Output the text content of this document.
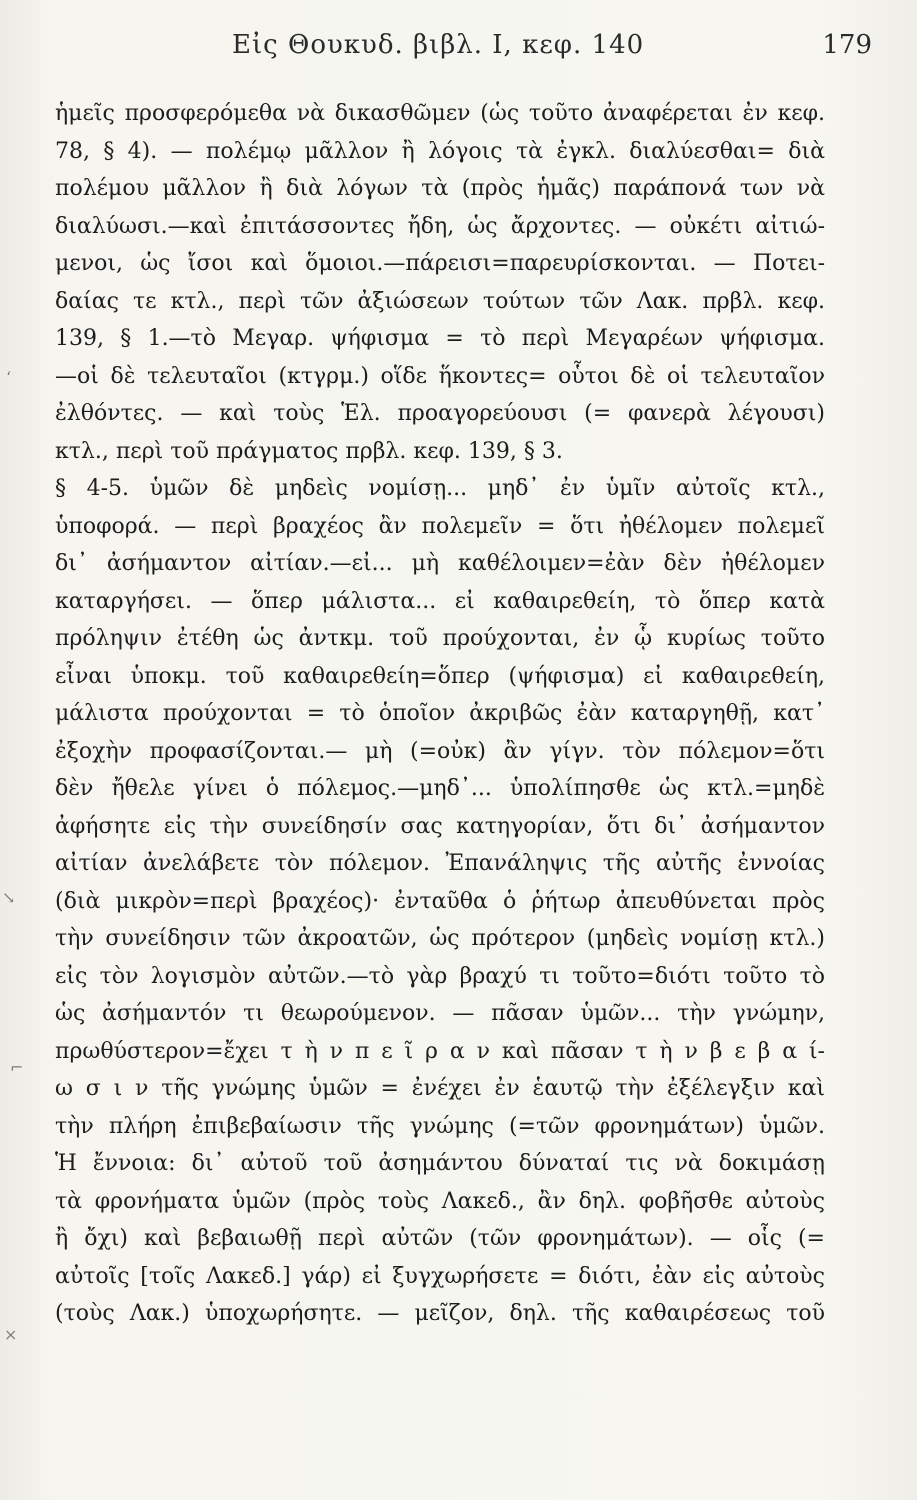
Εἰς Θουκυδ. βιβλ. I, κεφ. 140	179
ἡμεῖς προσφερόμεθα νὰ δικασθῶμεν (ὡς τοῦτο ἀναφέρεται ἐν κεφ.
78, § 4). — πολέμῳ μᾶλλον ἢ λόγοις τὰ ἐγκλ. διαλύεσθαι= διὰ
πολέμου μᾶλλον ἢ διὰ λόγων τὰ (πρὸς ἡμᾶς) παράπονά των νὰ
διαλύωσι.—καὶ ἐπιτάσσοντες ἤδη, ὡς ἄρχοντες. — οὐκέτι αἰτιώ-
μενοι, ὡς ἴσοι καὶ ὅμοιοι.—πάρεισι=παρευρίσκονται. — Ποτει-
δαίας τε κτλ., περὶ τῶν ἀξιώσεων τούτων τῶν Λακ. πρβλ. κεφ.
139, § 1.—τὸ Μεγαρ. ψήφισμα = τὸ περὶ Μεγαρέων ψήφισμα.
—οἱ δὲ τελευταῖοι (κτγρμ.) οἵδε ἥκοντες= οὗτοι δὲ οἱ τελευταῖον
ἐλθόντες. — καὶ τοὺς Ἑλ. προαγορεύουσι (= φανερὰ λέγουσι)
κτλ., περὶ τοῦ πράγματος πρβλ. κεφ. 139, § 3.
§ 4-5. ὑμῶν δὲ μηδεὶς νομίσῃ... μηδ᾽ ἐν ὑμῖν αὐτοῖς κτλ.,
ὑποφορά. — περὶ βραχέος ἂν πολεμεῖν = ὅτι ἠθέλομεν πολεμεῖ
δι᾽ ἀσήμαντον αἰτίαν.—εἰ... μὴ καθέλοιμεν=ἐὰν δὲν ἠθέλομεν
καταργήσει. — ὅπερ μάλιστα... εἰ καθαιρεθείη, τὸ ὅπερ κατὰ
πρόληψιν ἐτέθη ὡς ἀντκμ. τοῦ προύχονται, ἐν ᾧ κυρίως τοῦτο
εἶναι ὑποκμ. τοῦ καθαιρεθείη=ὅπερ (ψήφισμα) εἰ καθαιρεθείη,
μάλιστα προύχονται = τὸ ὁποῖον ἀκριβῶς ἐὰν καταργηθῇ, κατ᾽
ἐξοχὴν προφασίζονται.— μὴ (=οὐκ) ἂν γίγν. τὸν πόλεμον=ὅτι
δὲν ἤθελε γίνει ὁ πόλεμος.—μηδ᾽... ὑπολίπησθε ὡς κτλ.=μηδὲ
ἀφήσητε εἰς τὴν συνείδησίν σας κατηγορίαν, ὅτι δι᾽ ἀσήμαντον
αἰτίαν ἀνελάβετε τὸν πόλεμον. Ἐπανάληψις τῆς αὐτῆς ἐννοίας
(διὰ μικρὸν=περὶ βραχέος)· ἐνταῦθα ὁ ῥήτωρ ἀπευθύνεται πρὸς
τὴν συνείδησιν τῶν ἀκροατῶν, ὡς πρότερον (μηδεὶς νομίσῃ κτλ.)
εἰς τὸν λογισμὸν αὐτῶν.—τὸ γὰρ βραχύ τι τοῦτο=διότι τοῦτο τὸ
ὡς ἀσήμαντόν τι θεωρούμενον. — πᾶσαν ὑμῶν... τὴν γνώμην,
πρωθύστερον=ἔχει τ ὴ ν π ε ῖ ρ α ν καὶ πᾶσαν τ ὴ ν β ε β α ί-
ω σ ι ν τῆς γνώμης ὑμῶν = ἐνέχει ἐν ἑαυτῷ τὴν ἐξέλεγξιν καὶ
τὴν πλήρη ἐπιβεβαίωσιν τῆς γνώμης (=τῶν φρονημάτων) ὑμῶν.
Ἡ ἔννοια: δι᾽ αὐτοῦ τοῦ ἀσημάντου δύναταί τις νὰ δοκιμάσῃ
τὰ φρονήματα ὑμῶν (πρὸς τοὺς Λακεδ., ἂν δηλ. φοβῆσθε αὐτοὺς
ἢ ὄχι) καὶ βεβαιωθῇ περὶ αὐτῶν (τῶν φρονημάτων). — οἷς (=
αὐτοῖς [τοῖς Λακεδ.] γάρ) εἰ ξυγχωρήσετε = διότι, ἐὰν εἰς αὐτοὺς
(τοὺς Λακ.) ὑποχωρήσητε. — μεῖζον, δηλ. τῆς καθαιρέσεως τοῦ
‘
↘
⌐
×
